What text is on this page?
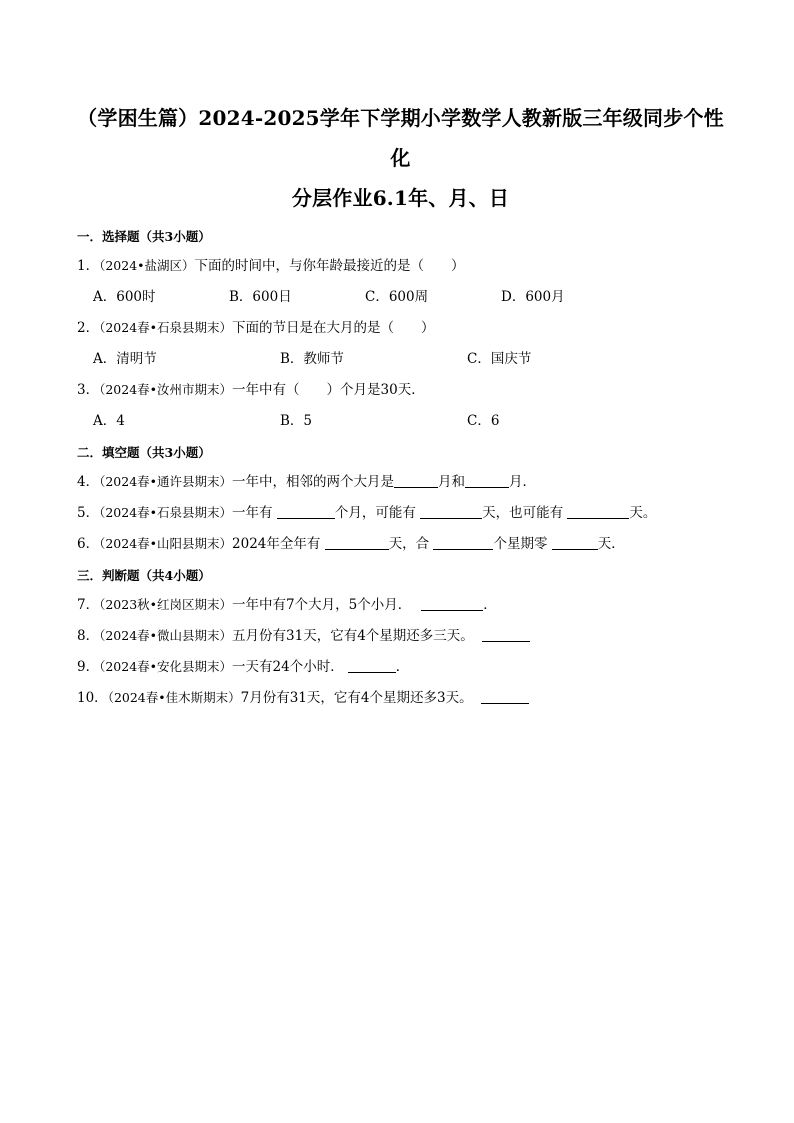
（学困生篇）2024-2025学年下学期小学数学人教新版三年级同步个性化
分层作业6.1年、月、日
一．选择题（共3小题）
1．（2024•盐湖区）下面的时间中，与你年龄最接近的是（　　）
A．600时	B．600日	C．600周	D．600月
2．（2024春•石泉县期末）下面的节日是在大月的是（　　）
A．清明节	B．教师节	C．国庆节
3．（2024春•汝州市期末）一年中有（　　）个月是30天．
A．4	B．5	C．6
二．填空题（共3小题）
4．（2024春•通许县期末）一年中，相邻的两个大月是	月和	月．
5．（2024春•石泉县期末）一年有	个月，可能有	天，也可能有	天。
6．（2024春•山阳县期末）2024年全年有	天，合	个星期零	天．
三．判断题（共4小题）
7．（2023秋•红岗区期末）一年中有7个大月，5个小月．	．
8．（2024春•微山县期末）五月份有31天，它有4个星期还多三天。
9．（2024春•安化县期末）一天有24个小时．	．
10．（2024春•佳木斯期末）7月份有31天，它有4个星期还多3天。
